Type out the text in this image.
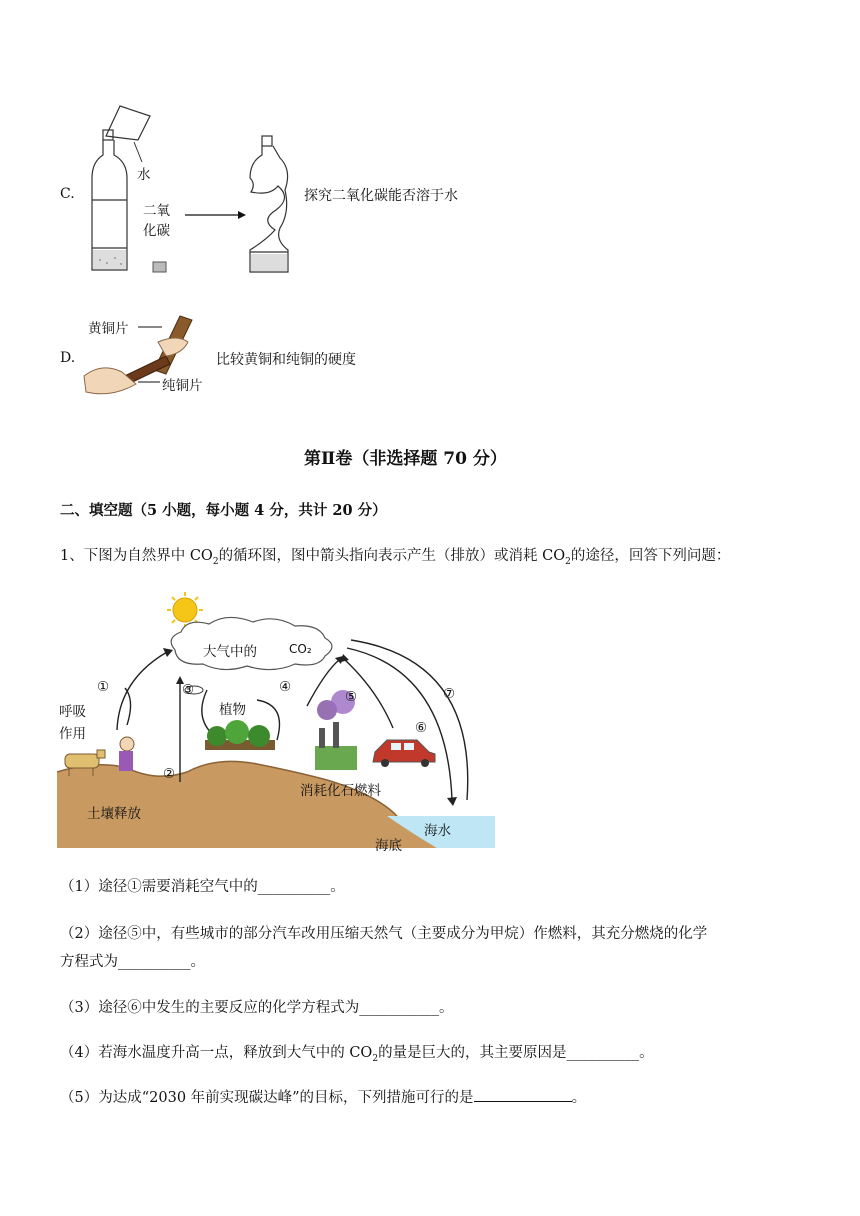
C.
水
二氧
化碳
探究二氧化碳能否溶于水
D.
黄铜片
纯铜片
比较黄铜和纯铜的硬度
第Ⅱ卷（非选择题 70 分）
二、填空题（5 小题，每小题 4 分，共计 20 分）
1、下图为自然界中 $CO_2$的循环图，图中箭头指向表示产生（排放）或消耗 $CO_2$的途径，回答下列问题：
大气中的	CO₂
呼吸
作用
植物
消耗化石燃料
土壤释放
海水
海底
①
②
③	④
⑤
⑥
⑦
（1）途径①需要消耗空气中的__________。
（2）途径⑤中，有些城市的部分汽车改用压缩天然气（主要成分为甲烷）作燃料，其充分燃烧的化学
方程式为__________。
（3）途径⑥中发生的主要反应的化学方程式为___________。
（4）若海水温度升高一点，释放到大气中的 $CO_2$的量是巨大的，其主要原因是__________。
（5）为达成“2030 年前实现碳达峰”的目标，下列措施可行的是	。
